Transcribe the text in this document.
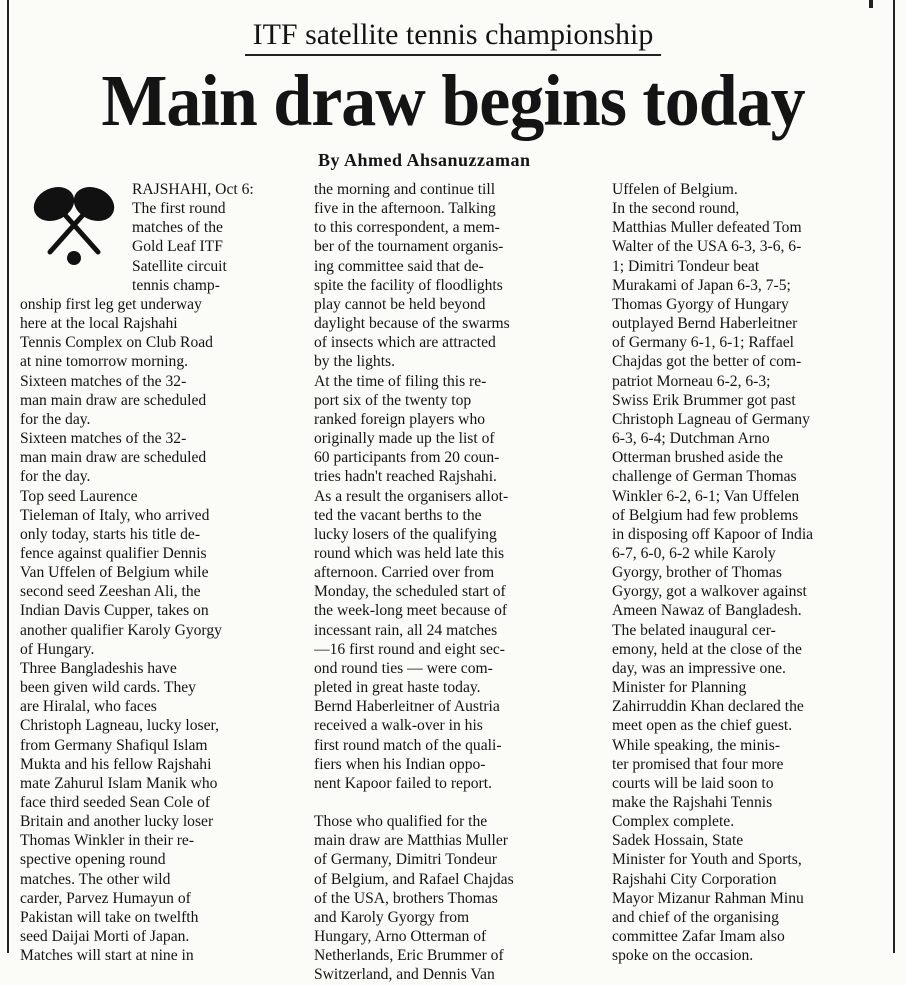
ITF satellite tennis championship
Main draw begins today
By Ahmed Ahsanuzzaman
RAJSHAHI, Oct 6:
The first round
matches of the
Gold Leaf ITF
Satellite circuit
tennis champ-
onship first leg get underway
here at the local Rajshahi
Tennis Complex on Club Road
at nine tomorrow morning.
Sixteen matches of the 32-
man main draw are scheduled
for the day.
Sixteen matches of the 32-
man main draw are scheduled
for the day.
Top seed Laurence
Tieleman of Italy, who arrived
only today, starts his title de-
fence against qualifier Dennis
Van Uffelen of Belgium while
second seed Zeeshan Ali, the
Indian Davis Cupper, takes on
another qualifier Karoly Gyorgy
of Hungary.
Three Bangladeshis have
been given wild cards. They
are Hiralal, who faces
Christoph Lagneau, lucky loser,
from Germany Shafiqul Islam
Mukta and his fellow Rajshahi
mate Zahurul Islam Manik who
face third seeded Sean Cole of
Britain and another lucky loser
Thomas Winkler in their re-
spective opening round
matches. The other wild
carder, Parvez Humayun of
Pakistan will take on twelfth
seed Daijai Morti of Japan.
Matches will start at nine in
the morning and continue till
five in the afternoon. Talking
to this correspondent, a mem-
ber of the tournament organis-
ing committee said that de-
spite the facility of floodlights
play cannot be held beyond
daylight because of the swarms
of insects which are attracted
by the lights.
At the time of filing this re-
port six of the twenty top
ranked foreign players who
originally made up the list of
60 participants from 20 coun-
tries hadn't reached Rajshahi.
As a result the organisers allot-
ted the vacant berths to the
lucky losers of the qualifying
round which was held late this
afternoon. Carried over from
Monday, the scheduled start of
the week-long meet because of
incessant rain, all 24 matches
—16 first round and eight sec-
ond round ties — were com-
pleted in great haste today.
Bernd Haberleitner of Austria
received a walk-over in his
first round match of the quali-
fiers when his Indian oppo-
nent Kapoor failed to report.

Those who qualified for the
main draw are Matthias Muller
of Germany, Dimitri Tondeur
of Belgium, and Rafael Chajdas
of the USA, brothers Thomas
and Karoly Gyorgy from
Hungary, Arno Otterman of
Netherlands, Eric Brummer of
Switzerland, and Dennis Van
Uffelen of Belgium.
In the second round,
Matthias Muller defeated Tom
Walter of the USA 6-3, 3-6, 6-
1; Dimitri Tondeur beat
Murakami of Japan 6-3, 7-5;
Thomas Gyorgy of Hungary
outplayed Bernd Haberleitner
of Germany 6-1, 6-1; Raffael
Chajdas got the better of com-
patriot Morneau 6-2, 6-3;
Swiss Erik Brummer got past
Christoph Lagneau of Germany
6-3, 6-4; Dutchman Arno
Otterman brushed aside the
challenge of German Thomas
Winkler 6-2, 6-1; Van Uffelen
of Belgium had few problems
in disposing off Kapoor of India
6-7, 6-0, 6-2 while Karoly
Gyorgy, brother of Thomas
Gyorgy, got a walkover against
Ameen Nawaz of Bangladesh.
The belated inaugural cer-
emony, held at the close of the
day, was an impressive one.
Minister for Planning
Zahirruddin Khan declared the
meet open as the chief guest.
While speaking, the minis-
ter promised that four more
courts will be laid soon to
make the Rajshahi Tennis
Complex complete.
Sadek Hossain, State
Minister for Youth and Sports,
Rajshahi City Corporation
Mayor Mizanur Rahman Minu
and chief of the organising
committee Zafar Imam also
spoke on the occasion.
